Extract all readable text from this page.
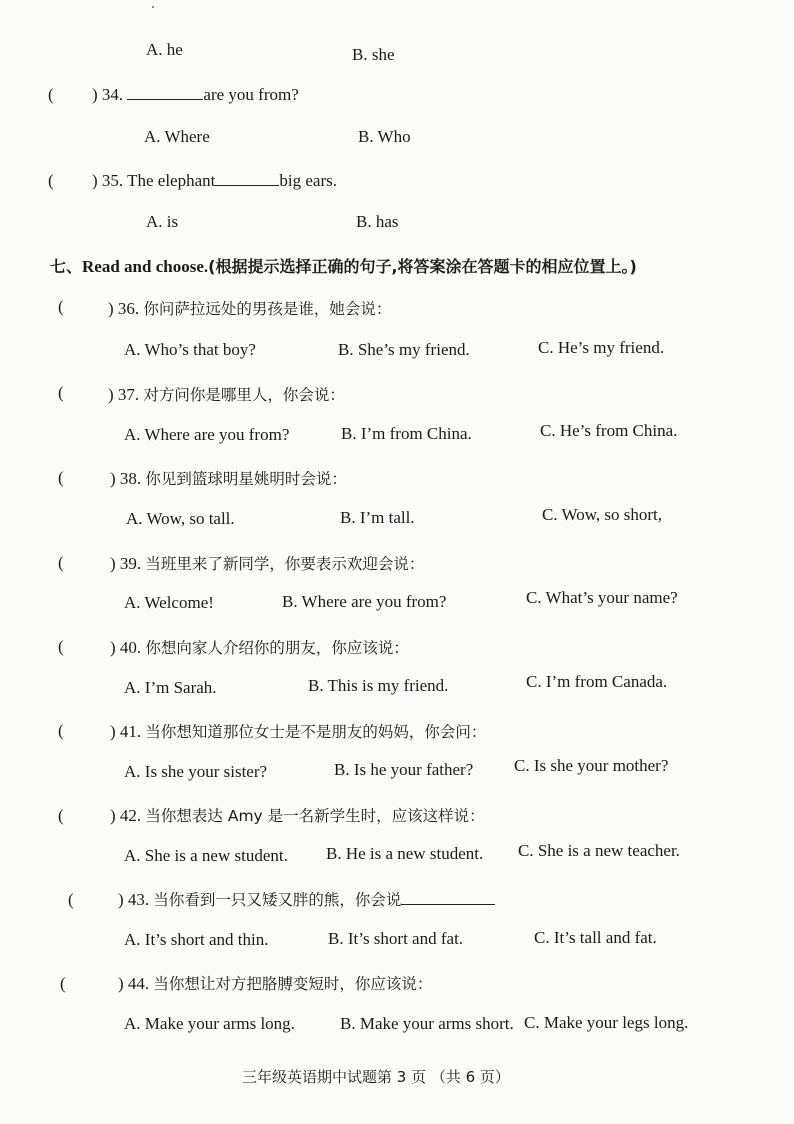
A. he	B. she
( ) 34.	are you from?
A. Where	B. Who
( ) 35. The elephant	big ears.
A. is	B. has
七、Read and choose.(根据提示选择正确的句子,将答案涂在答题卡的相应位置上。)
(	) 36. 你问萨拉远处的男孩是谁，她会说：
A. Who’s that boy?	B. She’s my friend.	C. He’s my friend.
(	) 37. 对方问你是哪里人，你会说：
A. Where are you from?	B. I’m from China.	C. He’s from China.
(	) 38. 你见到篮球明星姚明时会说：
A. Wow, so tall.	B. I’m tall.	C. Wow, so short,
(	) 39. 当班里来了新同学，你要表示欢迎会说：
A. Welcome!	B. Where are you from?	C. What’s your name?
(	) 40. 你想向家人介绍你的朋友，你应该说：
A. I’m Sarah.	B. This is my friend.	C. I’m from Canada.
(	) 41. 当你想知道那位女士是不是朋友的妈妈，你会问：
A. Is she your sister?	B. Is he your father? C. Is she your mother?
(	) 42. 当你想表达 Amy 是一名新学生时，应该这样说：
A. She is a new student. B. He is a new student. C. She is a new teacher.
(	) 43. 当你看到一只又矮又胖的熊，你会说
A. It’s short and thin.	B. It’s short and fat.	C. It’s tall and fat.
(	) 44. 当你想让对方把胳膊变短时，你应该说：
A. Make your arms long.	B. Make your arms short. C. Make your legs long.
三年级英语期中试题第 3 页 （共 6 页）
